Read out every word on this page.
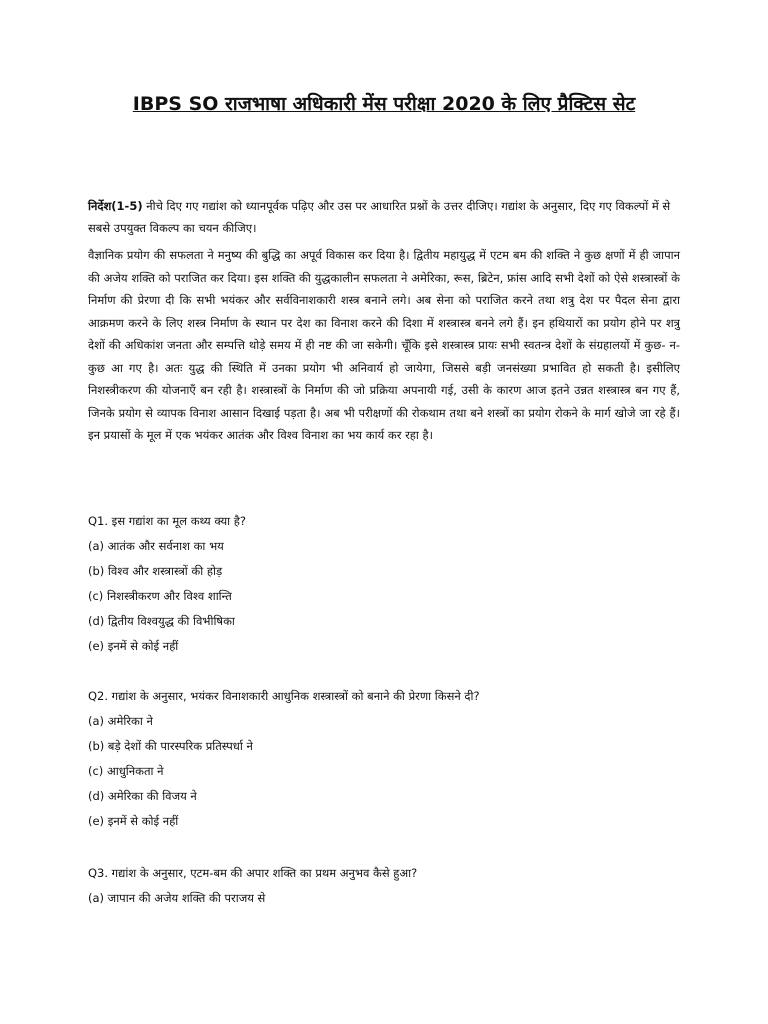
IBPS SO राजभाषा अधिकारी मेंस परीक्षा 2020 के लिए प्रैक्टिस सेट

निर्देश(1-5) नीचे दिए गए गद्यांश को ध्यानपूर्वक पढ़िए और उस पर आधारित प्रश्नों के उत्तर दीजिए। गद्यांश के अनुसार, दिए गए विकल्पों में से सबसे उपयुक्त विकल्प का चयन कीजिए।

वैज्ञानिक प्रयोग की सफलता ने मनुष्य की बुद्धि का अपूर्व विकास कर दिया है। द्वितीय महायुद्ध में एटम बम की शक्ति ने कुछ क्षणों में ही जापान की अजेय शक्ति को पराजित कर दिया। इस शक्ति की युद्धकालीन सफलता ने अमेरिका, रूस, ब्रिटेन, फ्रांस आदि सभी देशों को ऐसे शस्त्रास्त्रों के निर्माण की प्रेरणा दी कि सभी भयंकर और सर्वविनाशकारी शस्त्र बनाने लगे। अब सेना को पराजित करने तथा शत्रु देश पर पैदल सेना द्वारा आक्रमण करने के लिए शस्त्र निर्माण के स्थान पर देश का विनाश करने की दिशा में शस्त्रास्त्र बनने लगे हैं। इन हथियारों का प्रयोग होने पर शत्रु देशों की अधिकांश जनता और सम्पत्ति थोड़े समय में ही नष्ट की जा सकेगी। चूँकि इसे शस्त्रास्त्र प्रायः सभी स्वतन्त्र देशों के संग्रहालयों में कुछ- न-कुछ आ गए है। अतः युद्ध की स्थिति में उनका प्रयोग भी अनिवार्य हो जायेगा, जिससे बड़ी जनसंख्या प्रभावित हो सकती है। इसीलिए निशस्त्रीकरण की योजनाएँ बन रही है। शस्त्रास्त्रों के निर्माण की जो प्रक्रिया अपनायी गई, उसी के कारण आज इतने उन्नत शस्त्रास्त्र बन गए हैं, जिनके प्रयोग से व्यापक विनाश आसान दिखाई पड़ता है। अब भी परीक्षणों की रोकथाम तथा बने शस्त्रों का प्रयोग रोकने के मार्ग खोजे जा रहे हैं। इन प्रयासों के मूल में एक भयंकर आतंक और विश्व विनाश का भय कार्य कर रहा है।

Q1. इस गद्यांश का मूल कथ्य क्या है?
(a) आतंक और सर्वनाश का भय
(b) विश्व और शस्त्रास्त्रों की होड़
(c) निशस्त्रीकरण और विश्व शान्ति
(d) द्वितीय विश्वयुद्ध की विभीषिका
(e) इनमें से कोई नहीं
Q2. गद्यांश के अनुसार, भयंकर विनाशकारी आधुनिक शस्त्रास्त्रों को बनाने की प्रेरणा किसने दी?
(a) अमेरिका ने
(b) बड़े देशों की पारस्परिक प्रतिस्पर्धा ने
(c) आधुनिकता ने
(d) अमेरिका की विजय ने
(e) इनमें से कोई नहीं
Q3. गद्यांश के अनुसार, एटम-बम की अपार शक्ति का प्रथम अनुभव कैसे हुआ?
(a) जापान की अजेय शक्ति की पराजय से
